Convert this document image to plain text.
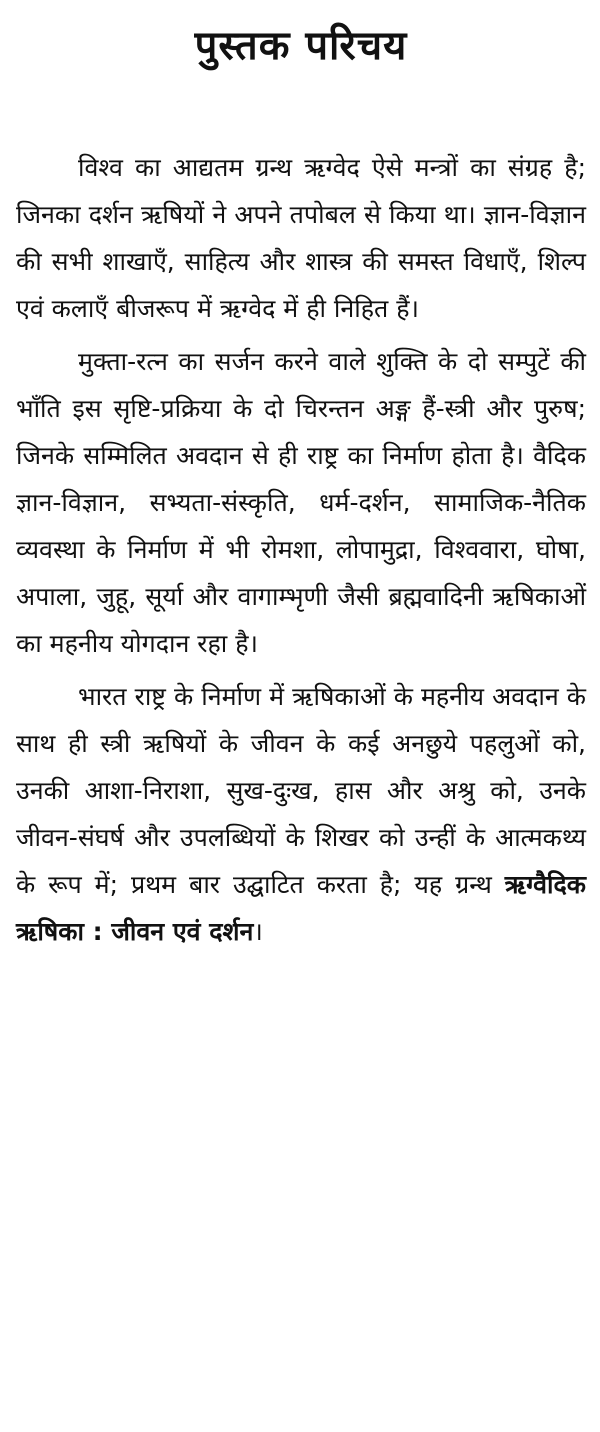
पुस्तक परिचय

विश्व का आद्यतम ग्रन्थ ऋग्वेद ऐसे मन्त्रों का संग्रह है; जिनका दर्शन ऋषियों ने अपने तपोबल से किया था। ज्ञान-विज्ञान की सभी शाखाएँ, साहित्य और शास्त्र की समस्त विधाएँ, शिल्प एवं कलाएँ बीजरूप में ऋग्वेद में ही निहित हैं।

मुक्ता-रत्न का सर्जन करने वाले शुक्ति के दो सम्पुटें की भाँति इस सृष्टि-प्रक्रिया के दो चिरन्तन अङ्ग हैं-स्त्री और पुरुष; जिनके सम्मिलित अवदान से ही राष्ट्र का निर्माण होता है। वैदिक ज्ञान-विज्ञान, सभ्यता-संस्कृति, धर्म-दर्शन, सामाजिक-नैतिक व्यवस्था के निर्माण में भी रोमशा, लोपामुद्रा, विश्ववारा, घोषा, अपाला, जुहू, सूर्या और वागाम्भृणी जैसी ब्रह्मवादिनी ऋषिकाओं का महनीय योगदान रहा है।

भारत राष्ट्र के निर्माण में ऋषिकाओं के महनीय अवदान के साथ ही स्त्री ऋषियों के जीवन के कई अनछुये पहलुओं को, उनकी आशा-निराशा, सुख-दुःख, हास और अश्रु को, उनके जीवन-संघर्ष और उपलब्धियों के शिखर को उन्हीं के आत्मकथ्य के रूप में; प्रथम बार उद्घाटित करता है; यह ग्रन्थ ऋग्वैदिक ऋषिका : जीवन एवं दर्शन।
